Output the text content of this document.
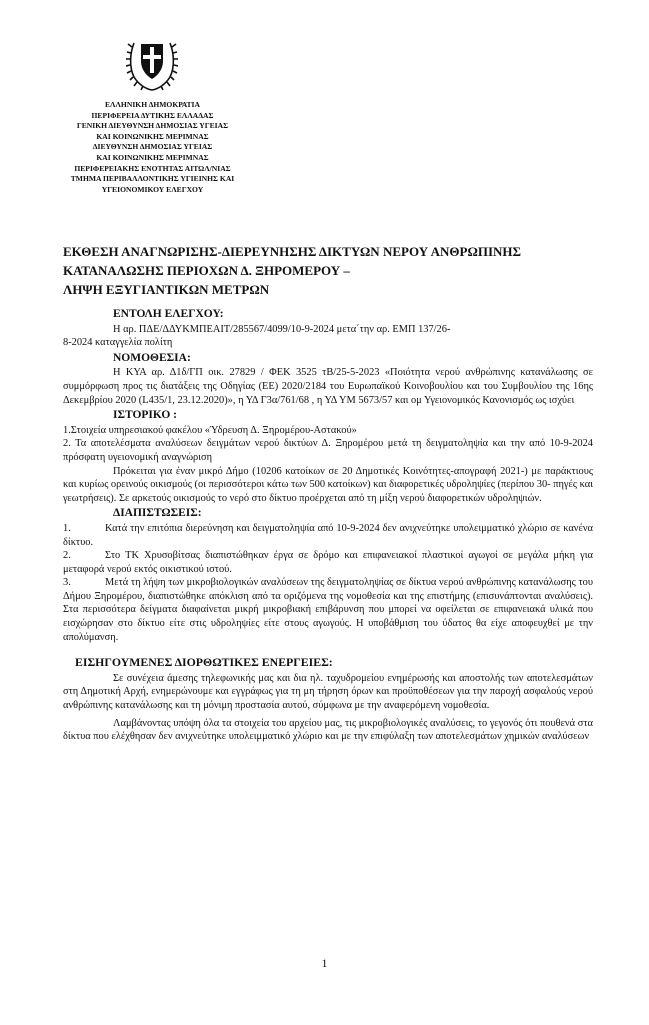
ΕΛΛΗΝΙΚΗ ΔΗΜΟΚΡΑΤΙΑ
ΠΕΡΙΦΕΡΕΙΑ ΔΥΤΙΚΗΣ ΕΛΛΑΔΑΣ
ΓΕΝΙΚΗ ΔΙΕΥΘΥΝΣΗ ΔΗΜΟΣΙΑΣ ΥΓΕΙΑΣ
ΚΑΙ ΚΟΙΝΩΝΙΚΗΣ ΜΕΡΙΜΝΑΣ
ΔΙΕΥΘΥΝΣΗ ΔΗΜΟΣΙΑΣ ΥΓΕΙΑΣ
ΚΑΙ ΚΟΙΝΩΝΙΚΗΣ ΜΕΡΙΜΝΑΣ
ΠΕΡΙΦΕΡΕΙΑΚΗΣ ΕΝΟΤΗΤΑΣ ΑΙΤΩΛ/ΝΙΑΣ
ΤΜΗΜΑ ΠΕΡΙΒΑΛΛΟΝΤΙΚΗΣ ΥΓΙΕΙΝΗΣ ΚΑΙ
ΥΓΕΙΟΝΟΜΙΚΟΥ ΕΛΕΓΧΟΥ
ΕΚΘΕΣΗ ΑΝΑΓΝΩΡΙΣΗΣ-ΔΙΕΡΕΥΝΗΣΗΣ ΔΙΚΤΥΩΝ ΝΕΡΟΥ ΑΝΘΡΩΠΙΝΗΣ
ΚΑΤΑΝΑΛΩΣΗΣ ΠΕΡΙΟΧΩΝ Δ. ΞΗΡΟΜΕΡΟΥ –
ΛΗΨΗ ΕΞΥΓΙΑΝΤΙΚΩΝ ΜΕΤΡΩΝ
ΕΝΤΟΛΗ ΕΛΕΓΧΟΥ:
Η αρ. ΠΔΕ/ΔΔΥΚΜΠΕΑΙΤ/285567/4099/10-9-2024 μετα΄την αρ. ΕΜΠ 137/26-
8-2024 καταγγελία πολίτη
ΝΟΜΟΘΕΣΙΑ:

Η ΚΥΑ αρ. Δ1δ/ΓΠ οικ. 27829 / ΦΕΚ 3525 τΒ/25-5-2023 «Ποιότητα νερού ανθρώπινης κατανάλωσης σε συμμόρφωση προς τις διατάξεις της Οδηγίας (ΕΕ) 2020/2184 του Ευρωπαϊκού Κοινοβουλίου και του Συμβουλίου της 16ης Δεκεμβρίου 2020 (L435/1, 23.12.2020)», η ΥΔ Γ3α/761/68 , η ΥΔ ΥΜ 5673/57 και ομ Υγειονομικός Κανονισμός ως ισχύει

ΙΣΤΟΡΙΚΟ :

1.Στοιχεία υπηρεσιακού φακέλου «Ύδρευση Δ. Ξηρομέρου-Αστακού»

2. Τα αποτελέσματα αναλύσεων δειγμάτων νερού δικτύων Δ. Ξηρομέρου μετά τη δειγματοληψία και την από 10-9-2024 πρόσφατη υγειονομική αναγνώριση

Πρόκειται για έναν μικρό Δήμο (10206 κατοίκων σε 20 Δημοτικές Κοινότητες-απογραφή 2021-) με παράκτιους και κυρίως ορεινούς οικισμούς (οι περισσότεροι κάτω των 500 κατοίκων) και διαφορετικές υδροληψίες (περίπου 30- πηγές και γεωτρήσεις). Σε αρκετούς οικισμούς το νερό στο δίκτυο προέρχεται από τη μίξη νερού διαφορετικών υδροληψιών.

ΔΙΑΠΙΣΤΩΣΕΙΣ:

1.	Κατά την επιτόπια διερεύνηση και δειγματοληψία από 10-9-2024 δεν ανιχνεύτηκε υπολειμματικό χλώριο σε κανένα δίκτυο.

2.	Στο ΤΚ Χρυσοβίτσας διαπιστώθηκαν έργα σε δρόμο και επιφανειακοί πλαστικοί αγωγοί σε μεγάλα μήκη για μεταφορά νερού εκτός οικιστικού ιστού.

3.	Μετά τη λήψη των μικροβιολογικών αναλύσεων της δειγματοληψίας σε δίκτυα νερού ανθρώπινης κατανάλωσης του Δήμου Ξηρομέρου, διαπιστώθηκε απόκλιση από τα οριζόμενα της νομοθεσία και της επιστήμης (επισυνάπτονται αναλύσεις). Στα περισσότερα δείγματα διαφαίνεται μικρή μικροβιακή επιβάρυνση που μπορεί να οφείλεται σε επιφανειακά υλικά που εισχώρησαν στο δίκτυο είτε στις υδροληψίες είτε στους αγωγούς. Η υποβάθμιση του ύδατος θα είχε αποφευχθεί με την απολύμανση.

ΕΙΣΗΓΟΥΜΕΝΕΣ ΔΙΟΡΘΩΤΙΚΕΣ ΕΝΕΡΓΕΙΕΣ:

Σε συνέχεια άμεσης τηλεφωνικής μας και δια ηλ. ταχυδρομείου ενημέρωσής και αποστολής των αποτελεσμάτων στη Δημοτική Αρχή, ενημερώνουμε και εγγράφως για τη μη τήρηση όρων και προϋποθέσεων για την παροχή ασφαλούς νερού ανθρώπινης κατανάλωσης και τη μόνιμη προστασία αυτού, σύμφωνα με την αναφερόμενη νομοθεσία.

Λαμβάνοντας υπόψη όλα τα στοιχεία του αρχείου μας, τις μικροβιολογικές αναλύσεις, το γεγονός ότι πουθενά στα δίκτυα που ελέχθησαν δεν ανιχνεύτηκε υπολειμματικό χλώριο και με την επιφύλαξη των αποτελεσμάτων χημικών αναλύσεων

1
